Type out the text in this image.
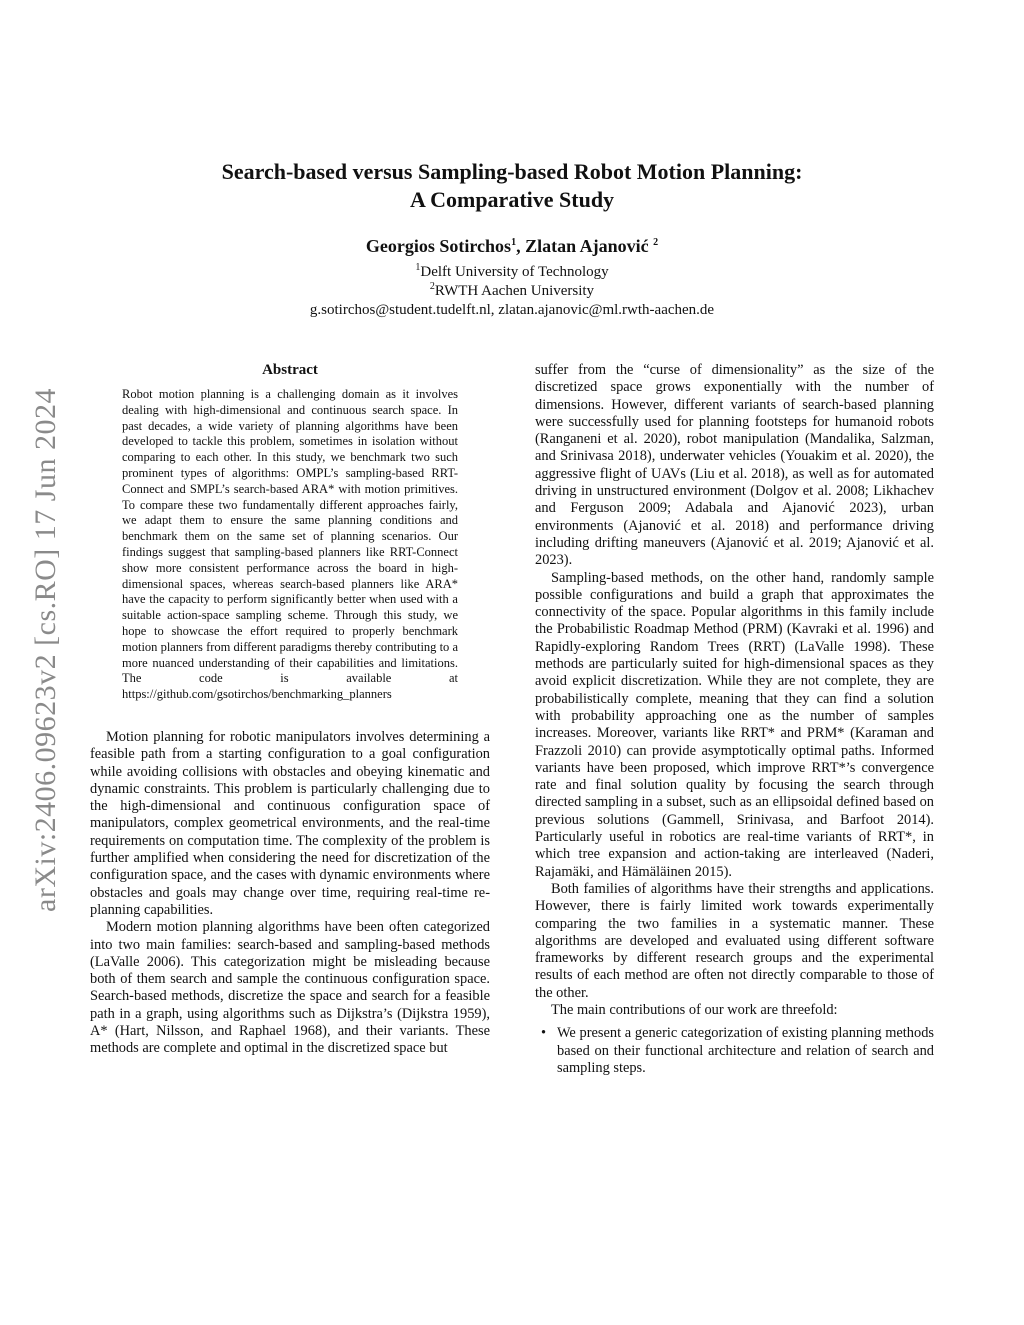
Search-based versus Sampling-based Robot Motion Planning:
A Comparative Study
Georgios Sotirchos$^1$, Zlatan Ajanović $^2$
$^1$Delft University of Technology
$^2$RWTH Aachen University
g.sotirchos@student.tudelft.nl, zlatan.ajanovic@ml.rwth-aachen.de
arXiv:2406.09623v2 [cs.RO] 17 Jun 2024
Abstract

Robot motion planning is a challenging domain as it involves dealing with high-dimensional and continuous search space. In past decades, a wide variety of planning algorithms have been developed to tackle this problem, sometimes in isolation without comparing to each other. In this study, we benchmark two such prominent types of algorithms: OMPL’s sampling-based RRT-Connect and SMPL’s search-based ARA* with motion primitives. To compare these two fundamentally different approaches fairly, we adapt them to ensure the same planning conditions and benchmark them on the same set of planning scenarios. Our findings suggest that sampling-based planners like RRT-Connect show more consistent performance across the board in high-dimensional spaces, whereas search-based planners like ARA* have the capacity to perform significantly better when used with a suitable action-space sampling scheme. Through this study, we hope to showcase the effort required to properly benchmark motion planners from different paradigms thereby contributing to a more nuanced understanding of their capabilities and limitations. The code is available at https://github.com/gsotirchos/benchmarking_planners

Motion planning for robotic manipulators involves determining a feasible path from a starting configuration to a goal configuration while avoiding collisions with obstacles and obeying kinematic and dynamic constraints. This problem is particularly challenging due to the high-dimensional and continuous configuration space of manipulators, complex geometrical environments, and the real-time requirements on computation time. The complexity of the problem is further amplified when considering the need for discretization of the configuration space, and the cases with dynamic environments where obstacles and goals may change over time, requiring real-time re-planning capabilities.

Modern motion planning algorithms have been often categorized into two main families: search-based and sampling-based methods (LaValle 2006). This categorization might be misleading because both of them search and sample the continuous configuration space. Search-based methods, discretize the space and search for a feasible path in a graph, using algorithms such as Dijkstra’s (Dijkstra 1959), A* (Hart, Nilsson, and Raphael 1968), and their variants. These methods are complete and optimal in the discretized space but

suffer from the “curse of dimensionality” as the size of the discretized space grows exponentially with the number of dimensions. However, different variants of search-based planning were successfully used for planning footsteps for humanoid robots (Ranganeni et al. 2020), robot manipulation (Mandalika, Salzman, and Srinivasa 2018), underwater vehicles (Youakim et al. 2020), the aggressive flight of UAVs (Liu et al. 2018), as well as for automated driving in unstructured environment (Dolgov et al. 2008; Likhachev and Ferguson 2009; Adabala and Ajanović 2023), urban environments (Ajanović et al. 2018) and performance driving including drifting maneuvers (Ajanović et al. 2019; Ajanović et al. 2023).

Sampling-based methods, on the other hand, randomly sample possible configurations and build a graph that approximates the connectivity of the space. Popular algorithms in this family include the Probabilistic Roadmap Method (PRM) (Kavraki et al. 1996) and Rapidly-exploring Random Trees (RRT) (LaValle 1998). These methods are particularly suited for high-dimensional spaces as they avoid explicit discretization. While they are not complete, they are probabilistically complete, meaning that they can find a solution with probability approaching one as the number of samples increases. Moreover, variants like RRT* and PRM* (Karaman and Frazzoli 2010) can provide asymptotically optimal paths. Informed variants have been proposed, which improve RRT*’s convergence rate and final solution quality by focusing the search through directed sampling in a subset, such as an ellipsoidal defined based on previous solutions (Gammell, Srinivasa, and Barfoot 2014). Particularly useful in robotics are real-time variants of RRT*, in which tree expansion and action-taking are interleaved (Naderi, Rajamäki, and Hämäläinen 2015).

Both families of algorithms have their strengths and applications. However, there is fairly limited work towards experimentally comparing the two families in a systematic manner. These algorithms are developed and evaluated using different software frameworks by different research groups and the experimental results of each method are often not directly comparable to those of the other.

The main contributions of our work are threefold:

• We present a generic categorization of existing planning methods based on their functional architecture and relation of search and sampling steps.
